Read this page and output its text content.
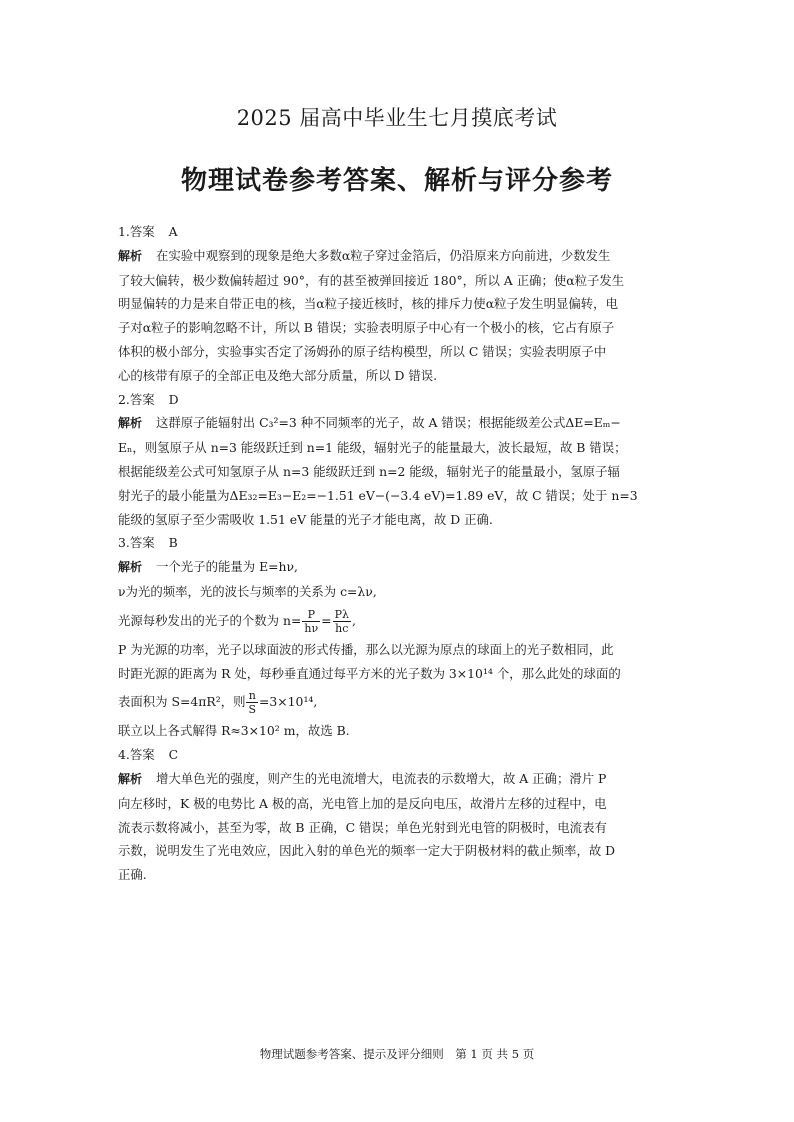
2025 届高中毕业生七月摸底考试
物理试卷参考答案、解析与评分参考
1.答案 A
解析 在实验中观察到的现象是绝大多数α粒子穿过金箔后，仍沿原来方向前进，少数发生
了较大偏转，极少数偏转超过 90°，有的甚至被弹回接近 180°，所以 A 正确；使α粒子发生
明显偏转的力是来自带正电的核，当α粒子接近核时，核的排斥力使α粒子发生明显偏转，电
子对α粒子的影响忽略不计，所以 B 错误；实验表明原子中心有一个极小的核，它占有原子
体积的极小部分，实验事实否定了汤姆孙的原子结构模型，所以 C 错误；实验表明原子中
心的核带有原子的全部正电及绝大部分质量，所以 D 错误.
2.答案 D
解析 这群原子能辐射出 C₃²=3 种不同频率的光子，故 A 错误；根据能级差公式ΔE=Eₘ−
Eₙ，则氢原子从 n=3 能级跃迁到 n=1 能级，辐射光子的能量最大，波长最短，故 B 错误；
根据能级差公式可知氢原子从 n=3 能级跃迁到 n=2 能级，辐射光子的能量最小，氢原子辐
射光子的最小能量为ΔE₃₂=E₃−E₂=−1.51 eV−(−3.4 eV)=1.89 eV，故 C 错误；处于 n=3
能级的氢原子至少需吸收 1.51 eV 能量的光子才能电离，故 D 正确.
3.答案 B
解析 一个光子的能量为 E=hν,
ν为光的频率，光的波长与频率的关系为 c=λν,
光源每秒发出的光子的个数为 $n= \frac{P}{h\nu} = \frac{P\lambda}{hc}$ ,
P 为光源的功率，光子以球面波的形式传播，那么以光源为原点的球面上的光子数相同，此
时距光源的距离为 R 处，每秒垂直通过每平方米的光子数为 3×10¹⁴ 个，那么此处的球面的
表面积为 S=4πR²，则 $\frac{n}{S} =3\times 10^{14}$,
联立以上各式解得 R≈3×10² m，故选 B.
4.答案 C
解析 增大单色光的强度，则产生的光电流增大，电流表的示数增大，故 A 正确；滑片 P
向左移时，K 极的电势比 A 极的高，光电管上加的是反向电压，故滑片左移的过程中，电
流表示数将减小，甚至为零，故 B 正确，C 错误；单色光射到光电管的阴极时，电流表有
示数，说明发生了光电效应，因此入射的单色光的频率一定大于阴极材料的截止频率，故 D
正确.
物理试题参考答案、提示及评分细则　第 1 页 共 5 页
